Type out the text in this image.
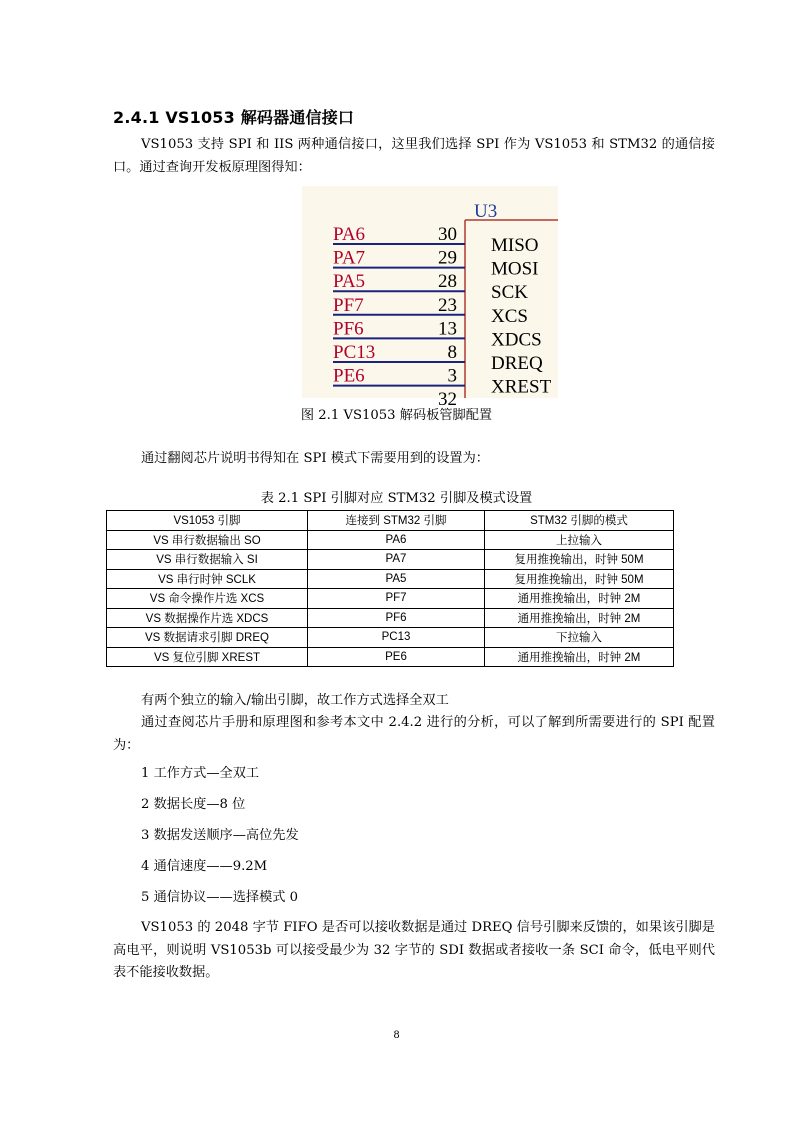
2.4.1 VS1053 解码器通信接口
VS1053 支持 SPI 和 IIS 两种通信接口，这里我们选择 SPI 作为 VS1053 和 STM32 的通信接口。通过查询开发板原理图得知：
U3
PA6	30
MISO
PA7	29
MOSI
PA5	28
SCK
PF7	23
XCS
PF6	13
XDCS
PC13	8
DREQ
PE6	3
XREST
32
图 2.1 VS1053 解码板管脚配置
通过翻阅芯片说明书得知在 SPI 模式下需要用到的设置为：
表 2.1 SPI 引脚对应 STM32 引脚及模式设置
VS1053 引脚	连接到 STM32 引脚	STM32 引脚的模式
VS 串行数据输出 SO	PA6	上拉输入
VS 串行数据输入 SI	PA7	复用推挽输出，时钟 50M
VS 串行时钟 SCLK	PA5	复用推挽输出，时钟 50M
VS 命令操作片选 XCS	PF7	通用推挽输出，时钟 2M
VS 数据操作片选 XDCS	PF6	通用推挽输出，时钟 2M
VS 数据请求引脚 DREQ	PC13	下拉输入
VS 复位引脚 XREST	PE6	通用推挽输出，时钟 2M
有两个独立的输入/输出引脚，故工作方式选择全双工
通过查阅芯片手册和原理图和参考本文中 2.4.2 进行的分析，可以了解到所需要进行的 SPI 配置为：
1 工作方式—全双工
2 数据长度—8 位
3 数据发送顺序—高位先发
4 通信速度——9.2M
5 通信协议——选择模式 0
VS1053 的 2048 字节 FIFO 是否可以接收数据是通过 DREQ 信号引脚来反馈的，如果该引脚是高电平，则说明 VS1053b 可以接受最少为 32 字节的 SDI 数据或者接收一条 SCI 命令，低电平则代表不能接收数据。
8
